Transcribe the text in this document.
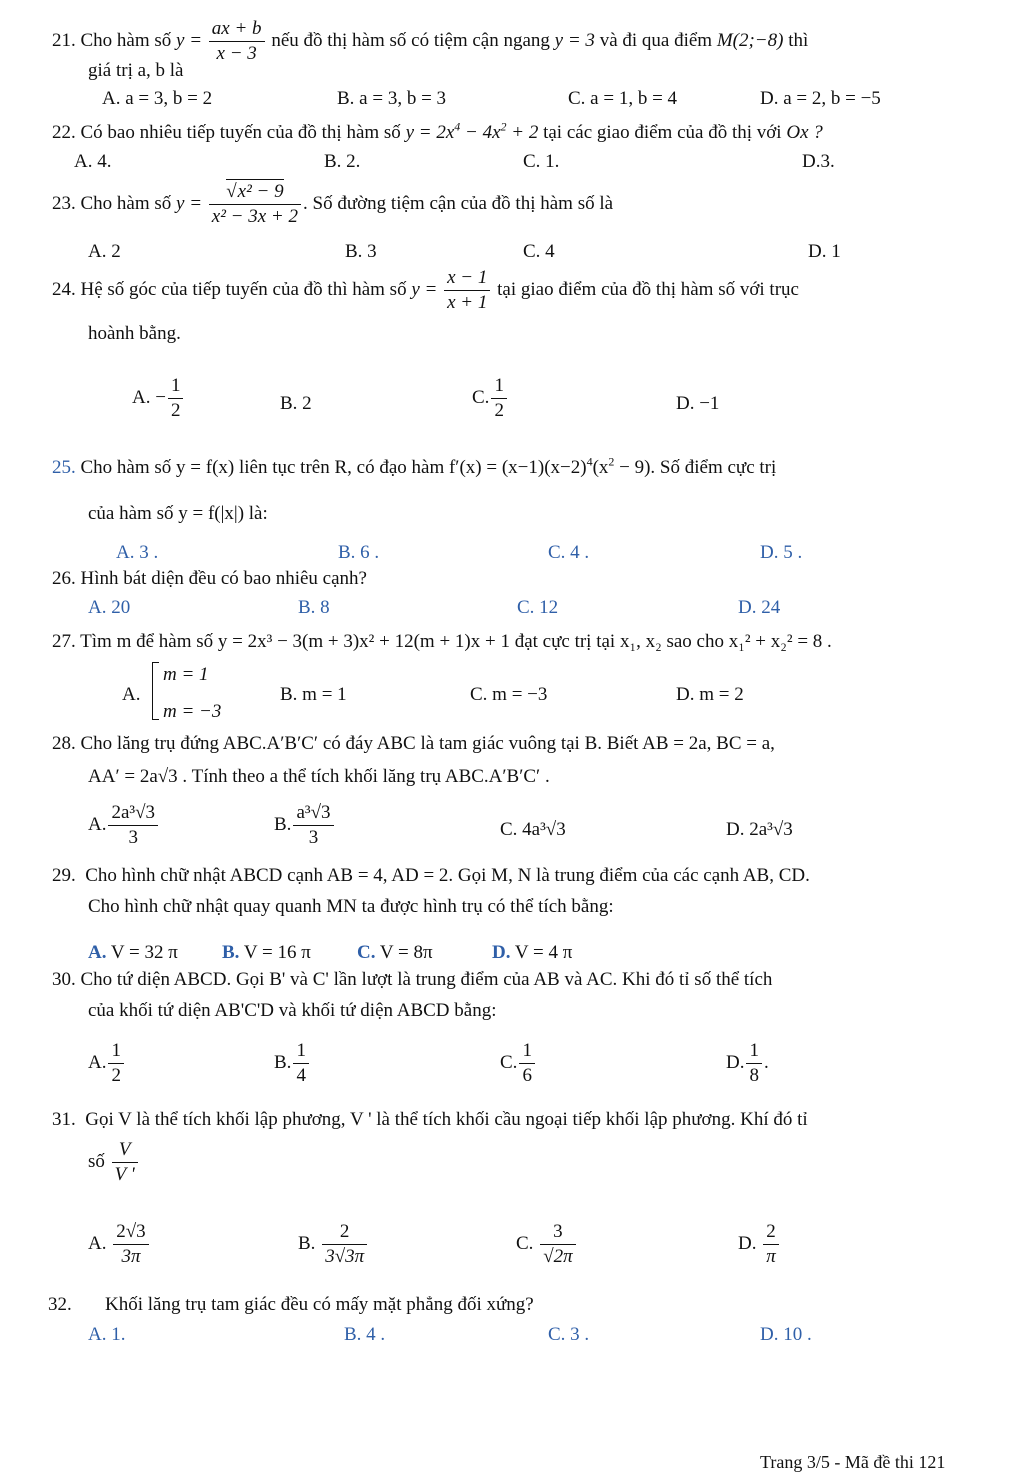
21. Cho hàm số $y = \frac{ax + b}{x - 3}$ nếu đồ thị hàm số có tiệm cận ngang y = 3 và đi qua điểm M(2;−8) thì
giá trị a, b là
A. a = 3, b = 2	B. a = 3, b = 3	C. a = 1, b = 4	D. a = 2, b = −5
22. Có bao nhiêu tiếp tuyến của đồ thị hàm số $y = 2x^4 - 4x^2 + 2$ tại các giao điểm của đồ thị với Ox ?
A. 4.	B. 2.	C. 1.	D.3.
23. Cho hàm số y =
√ $\frac{\text{x² − 9}}{\text{x² − 3x + 2}}$ . Số đường tiệm cận của đồ thị hàm số là
A. 2	B. 3	C. 4	D. 1
24. Hệ số góc của tiếp tuyến của đồ thì hàm số $y = \frac{x - 1}{x + 1}$ tại giao điểm của đồ thị hàm số với trục
hoành bằng.
A. − $\frac{1}{2}$	B. 2	C. $\frac{1}{2}$	D. −1
25. Cho hàm số y = f(x) liên tục trên R, có đạo hàm $f'(x) = (x-1)(x-2)^4(x^2 - 9)$. Số điểm cực trị
của hàm số y = f(|x|) là:
A. 3 .	B. 6 .	C. 4 .	D. 5 .
26. Hình bát diện đều có bao nhiêu cạnh?
A. 20	B. 8	C. 12	D. 24
27. Tìm m để hàm số y = 2x³ − 3(m + 3)x² + 12(m + 1)x + 1 đạt cực trị tại x₁, x₂ sao cho x₁² + x₂² = 8 .
A.
m = 1
m = −3
B. m = 1	C. m = −3	D. m = 2
28. Cho lăng trụ đứng ABC.A′B′C′ có đáy ABC là tam giác vuông tại B. Biết AB = 2a, BC = a,
AA′ = 2a√3 . Tính theo a thể tích khối lăng trụ ABC.A′B′C′ .
A. $\frac{\text{2a³√3}}{3}$	B. $\frac{\text{a³√3}}{3}$	C. 4a³√3	D. 2a³√3
29. Cho hình chữ nhật ABCD cạnh AB = 4, AD = 2. Gọi M, N là trung điểm của các cạnh AB, CD.
Cho hình chữ nhật quay quanh MN ta được hình trụ có thể tích bằng:
A. V = 32 π B. V = 16 π C. V = 8π	D. V = 4 π
30. Cho tứ diện ABCD. Gọi B' và C' lần lượt là trung điểm của AB và AC. Khi đó tỉ số thể tích
của khối tứ diện AB'C'D và khối tứ diện ABCD bằng:
A. $\frac{1}{2}$	B. $\frac{1}{4}$	C. $\frac{1}{6}$	D. $\frac{1}{8}$ .
31. Gọi V là thể tích khối lập phương, V ' là thể tích khối cầu ngoại tiếp khối lập phương. Khí đó tỉ
số $\frac{V}{V '}$
A. $\frac{2√3}{3\pi}$	B. $\frac{2}{3√3\pi}$	C. $\frac{3}{√2\pi}$	D. $\frac{2}{\pi}$
32. Khối lăng trụ tam giác đều có mấy mặt phẳng đối xứng?
A. 1.	B. 4 .	C. 3 .	D. 10 .
Trang 3/5 - Mã đề thi 121
